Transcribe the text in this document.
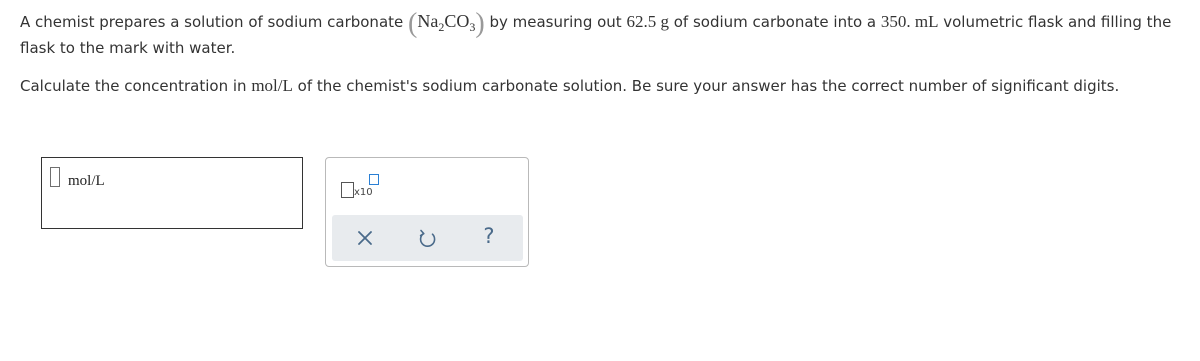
A chemist prepares a solution of sodium carbonate $(Na_2CO_3)$ by measuring out 62.5 g of sodium carbonate into a 350. mL volumetric flask and filling the
flask to the mark with water.
Calculate the concentration in mol/L of the chemist's sodium carbonate solution. Be sure your answer has the correct number of significant digits.
mol/L
x10
?
